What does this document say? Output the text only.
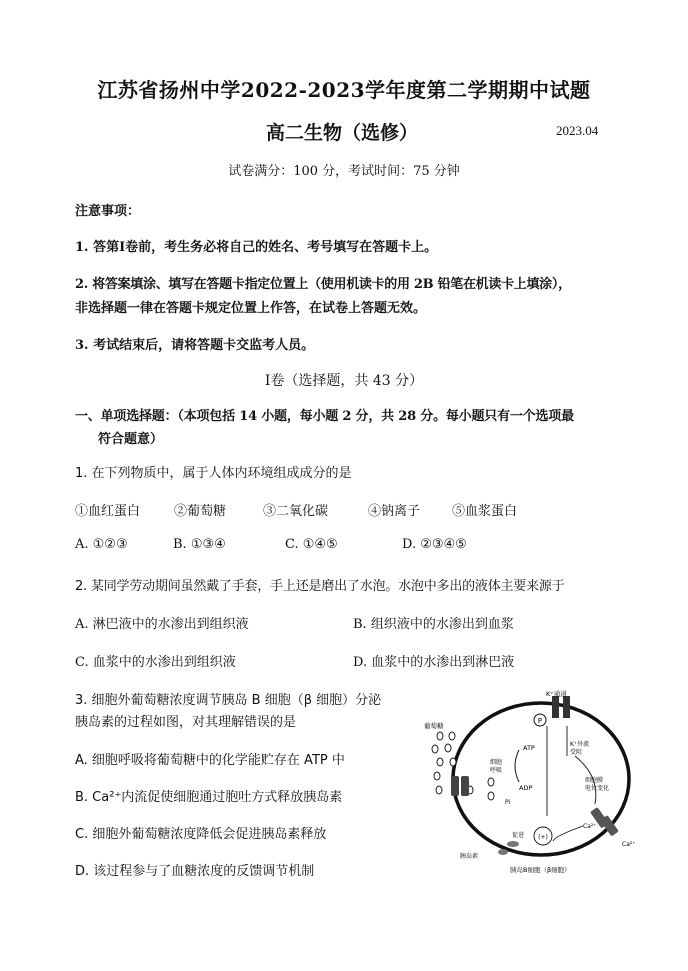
江苏省扬州中学2022-2023学年度第二学期期中试题
高二生物（选修）	2023.04
试卷满分：100 分，考试时间：75 分钟
注意事项：
1. 答第Ⅰ卷前，考生务必将自己的姓名、考号填写在答题卡上。
2. 将答案填涂、填写在答题卡指定位置上（使用机读卡的用 2B 铅笔在机读卡上填涂），
非选择题一律在答题卡规定位置上作答，在试卷上答题无效。
3. 考试结束后，请将答题卡交监考人员。
Ⅰ卷（选择题，共 43 分）
一、单项选择题：（本项包括 14 小题，每小题 2 分，共 28 分。每小题只有一个选项最
符合题意）
1. 在下列物质中，属于人体内环境组成成分的是
①血红蛋白	②葡萄糖	③二氧化碳	④钠离子 ⑤血浆蛋白
A. ①②③	B. ①③④	C. ①④⑤	D. ②③④⑤
2. 某同学劳动期间虽然戴了手套，手上还是磨出了水泡。水泡中多出的液体主要来源于
A. 淋巴液中的水渗出到组织液	B. 组织液中的水渗出到血浆
C. 血浆中的水渗出到组织液	D. 血浆中的水渗出到淋巴液
3. 细胞外葡萄糖浓度调节胰岛 B 细胞（β 细胞）分泌
胰岛素的过程如图，对其理解错误的是
A. 细胞呼吸将葡萄糖中的化学能贮存在 ATP 中
B. Ca²⁺内流促使细胞通过胞吐方式释放胰岛素
C. 细胞外葡萄糖浓度降低会促进胰岛素释放
D. 该过程参与了血糖浓度的反馈调节机制
P
K⁺通道
葡萄糖
ATP
ADP
细胞呼吸
Pi
K⁺外流受阻
细胞膜电位变化
Ca²⁺
Ca²⁺
(+)
促进
胰岛素
胰岛B细胞（β细胞）
